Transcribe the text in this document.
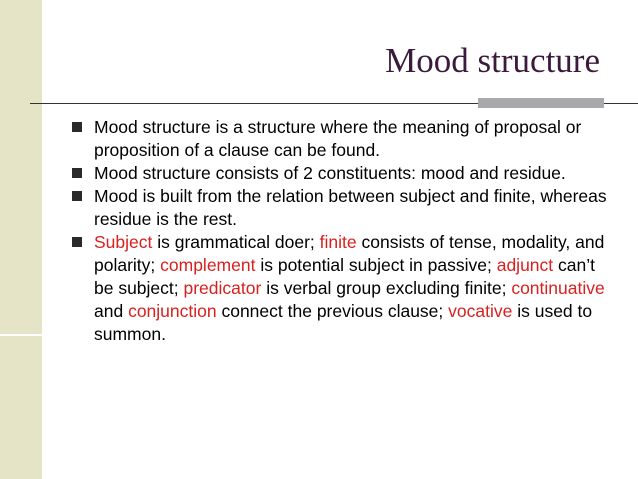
Mood structure
Mood structure is a structure where the meaning of proposal or proposition of a clause can be found.
Mood structure consists of 2 constituents: mood and residue.
Mood is built from the relation between subject and finite, whereas residue is the rest.
Subject is grammatical doer; finite consists of tense, modality, and polarity; complement is potential subject in passive; adjunct can’t be subject; predicator is verbal group excluding finite; continuative and conjunction connect the previous clause; vocative is used to summon.
